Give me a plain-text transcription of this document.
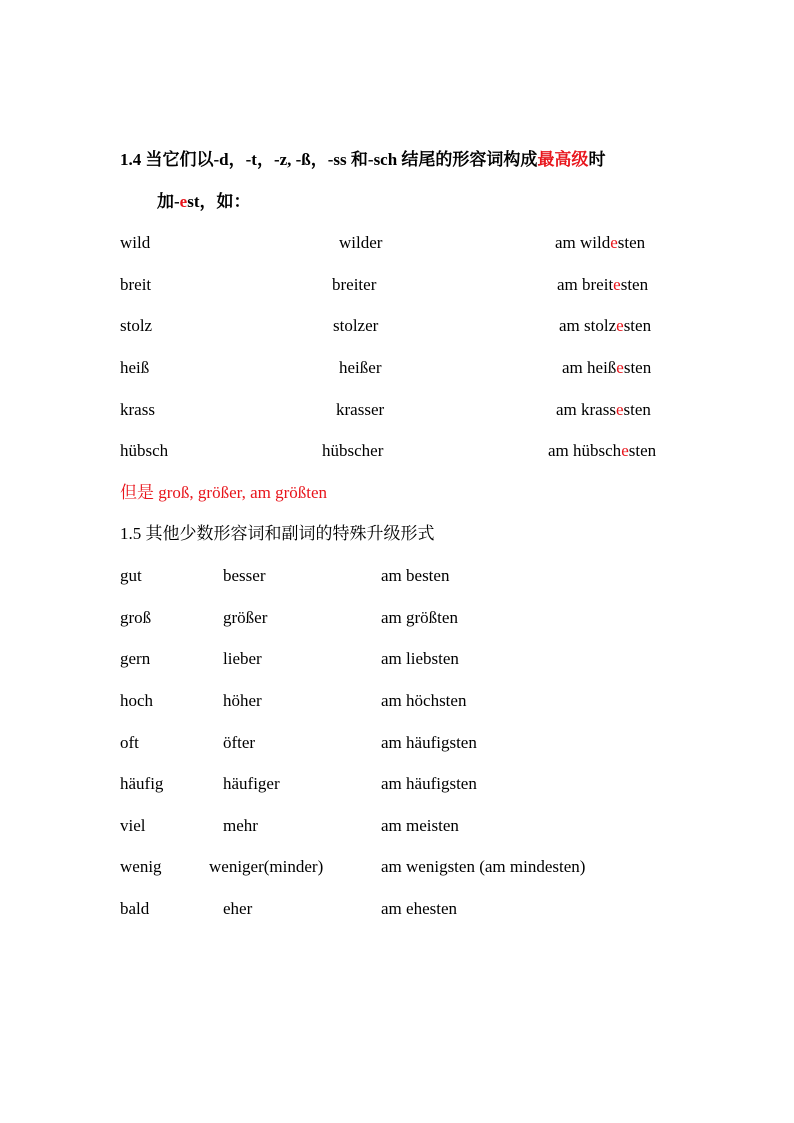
1.4 当它们以-d，-t，-z, -ß，-ss 和-sch 结尾的形容词构成最高级时
加-est，如：
wild	wilder	am wildesten
breit	breiter	am breitesten
stolz	stolzer	am stolzesten
heiß	heißer	am heißesten
krass	krasser	am krassesten
hübsch	hübscher	am hübschesten
但是 groß, größer, am größten
1.5 其他少数形容词和副词的特殊升级形式
gut	besser	am besten
groß	größer	am größten
gern	lieber	am liebsten
hoch	höher	am höchsten
oft	öfter	am häufigsten
häufig	häufiger	am häufigsten
viel	mehr	am meisten
wenig	weniger(minder)	am wenigsten (am mindesten)
bald	eher	am ehesten
